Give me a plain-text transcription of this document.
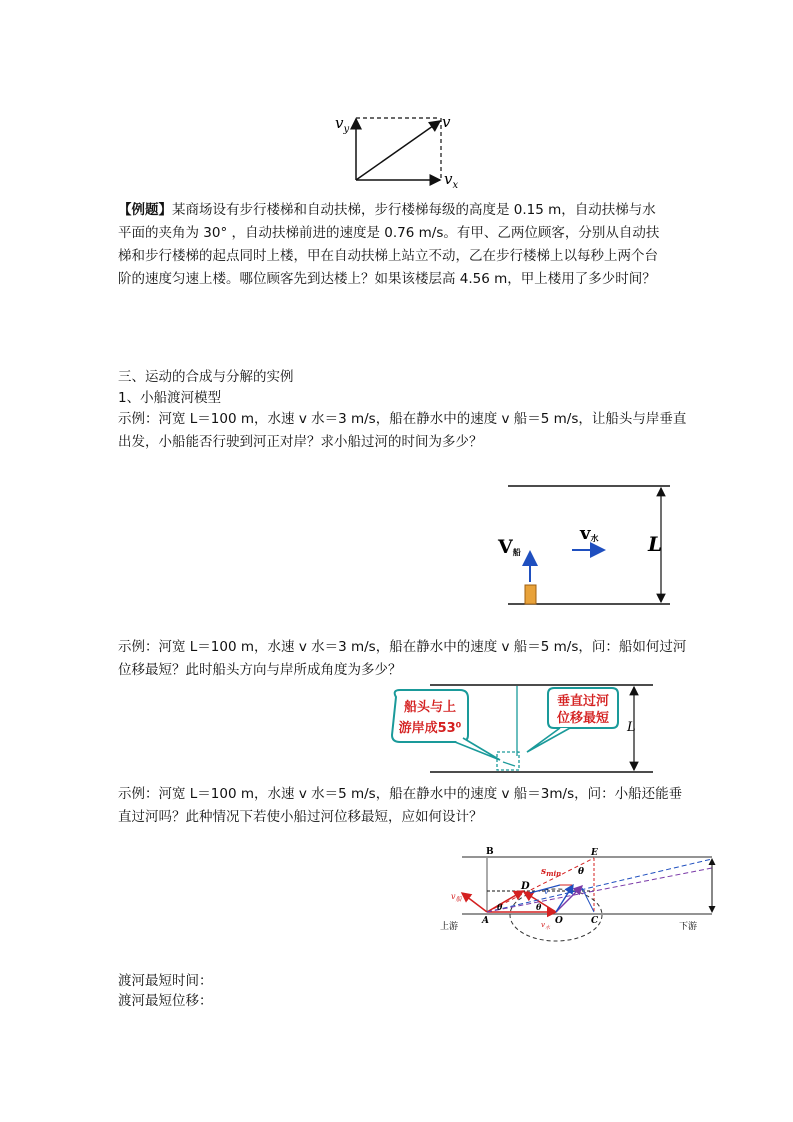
$v_y$	v
$v_x$
【例题】某商场设有步行楼梯和自动扶梯，步行楼梯每级的高度是 0.15 m，自动扶梯与水
平面的夹角为 30° ，自动扶梯前进的速度是 0.76 m/s。有甲、乙两位顾客，分别从自动扶
梯和步行楼梯的起点同时上楼，甲在自动扶梯上站立不动，乙在步行楼梯上以每秒上两个台
阶的速度匀速上楼。哪位顾客先到达楼上？如果该楼层高 4.56 m，甲上楼用了多少时间？
三、运动的合成与分解的实例
1、小船渡河模型
示例：河宽 L＝100 m，水速 v 水＝3 m/s，船在静水中的速度 v 船＝5 m/s，让船头与岸垂直
出发，小船能否行驶到河正对岸？求小船过河的时间为多少？
L
V船
v水
示例：河宽 L＝100 m，水速 v 水＝3 m/s，船在静水中的速度 v 船＝5 m/s，问：船如何过河
位移最短？此时船头方向与岸所成角度为多少？
L
船头与上
游岸成53⁰
垂直过河
位移最短
示例：河宽 L＝100 m，水速 v 水＝5 m/s，船在静水中的速度 v 船＝3m/s，问：小船还能垂
直过河吗？此种情况下若使小船过河位移最短，应如何设计？
B	E
$s_{min}$ θ
D
$v_船$
v
θ	θ
A	O	C
$v_水$
上游	下游
渡河最短时间：
渡河最短位移：
